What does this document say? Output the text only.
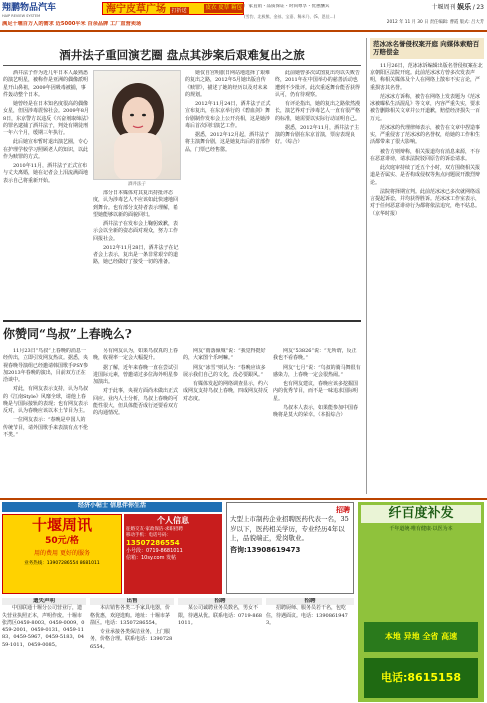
翔鹏物品汽车
HAIP REVIEW SYSTEM
海宁皮草广场 打折送	皮衣 皮草 箱包
满足十堰百万人的需求 近5000平米 百余品牌 工厂直营卖场
厂家直销・品质保证・时尚尊享・优惠酬宾
(雪豹、北极熊、金丝、宝嘉、稀米乃、(S、恩佳…)
十堰周刊 娱乐 / 23
2012 年 11 月 30 日 责任编辑: 曹霞 版式: 吕大芳
酒井法子重回演艺圈 盘点其涉案后艰难复出之旅
酒井法子作为近几年日本人最熟悉的演艺明星，被称作是亚洲的偶像派明星开山鼻祖，2009年因吸毒被捕，事件轰动整个日本。
她曾经是在日本知名度很高的偶像女星，但因涉毒震惊社会。2009年8月8日，东京警方以违反《兴奋剂取缔法》的罪名逮捕了酒井法子，判处有期徒刑一年六个月，缓期三年执行。
此后她宣布暂时退出演艺圈，专心在护理学校学习照顾老人的知识，以此作为赎罪的方式。
2010年11月，酒井法子正式宣布与丈夫离婚，她在记者会上泪流满面地表示自己将重新开始。
酒井法子
她仅自宫明旅日网站地选择了艰难的复出之路，2012年5月她出版自传《赎罪》，描述了她的经历以及对未来的规划。
2012年11月24日，酒井法子正式宣布复出，在东京举行的《碧血剑》舞台剧制作发布会上公开亮相，这是她涉毒后首次回归演艺工作。
据悉，2012年12月起，酒井法子将主演舞台剧，这是她复出后的首部作品，门票已经售罄。
部分日本媒体对其复出持批评态度，认为涉毒艺人不应该如此快速地回到舞台。也有部分支持者表示理解，希望她能够以新的面貌回归。
酒井法子在发布会上鞠躬致歉，表示会以全新的姿态面对观众，努力工作回报社会。
2012年11月28日，酒井法子在记者会上表示，复出是一条非常艰辛的道路，她已经做好了接受一切的准备。
此前她曾多次试图复出均以失败告终，2011年在中国举办的慈善活动也遭到不少批评。此次重返舞台能否获得认可，仍有待观察。
有评论指出，她的复出之路依然漫长，演艺界对于涉毒艺人一直有很严格的标准，她需要以实际行动证明自己。
据悉，2012年11月，酒井法子主演的舞台剧在东京首演，票房表现良好。（综合）
范冰冰名誉侵权案开庭 向媒体索赔百万赔偿金
11月26日，范冰冰诉编辑出版名誉侵权案在北京朝阳区法院开庭。此前范冰冰方曾多次发表声明，称相关媒体及个人在网络上散布不实言论，严重损害其名誉。
范冰冰方诉称，被告在网络上发表题为《范冰冰被曝私生活混乱》等文章，内容严重失实，要求被告删除相关文章并公开道歉，赔偿经济损失一百万元。
范冰冰的代理律师表示，被告在文章中捏造事实，严重侵害了范冰冰的名誉权，给她的工作和生活都带来了很大影响。
被告方则辩称，相关报道均有消息来源，不存在恶意诽谤，请求法院驳回原告的诉讼请求。
此次庭审持续了近五个小时，双方围绕相关报道是否属实、是否构成侵权等焦点问题展开激烈辩论。
法院将择期宣判。此前范冰冰已多次就网络谣言提起诉讼，并均获得胜诉。范冰冰工作室表示，对于任何恶意诽谤行为都将依法追究，绝不姑息。（京华时报）
你赞同“鸟叔”上春晚么?
11月23日“鸟叔”上春晚的消息一经传出，立即引发网友热议。据悉，央视春晚导演组已经邀请韩国歌手PSY参加2013年春晚的演出，目前双方正在洽谈中。
对此，有网友表示支持，认为鸟叔的《江南Style》风靡全球，请他上春晚是与国际接轨的表现；也有网友表示反对，认为春晚应该以本土节目为主。
一位网友表示：“春晚是中国人的传统节目，请外国歌手来表演有点不伦不类。”
另有网友认为，如果鸟叔真的上春晚，收视率一定会大幅提升。
据了解，近年来春晚一直在尝试引进国际元素，曾邀请过多位海外明星参加演出。
对于此事，央视方面尚未做出正式回应。业内人士分析，鸟叔上春晚的可能性很大，但具体能否成行还要看双方的沟通情况。
网友“雨落倾城”说：“我觉得挺好的，大家图个乐呵嘛。”
网友“冰雪”则认为：“春晚应该多展示我们自己的文化，没必要跟风。”
有媒体发起的网络调查显示，约六成网友支持鸟叔上春晚，四成网友持反对态度。
网友“53826”说：“无所谓，反正我也不看春晚。”
网友“七月”说：“鸟叔的骑马舞很有感染力，上春晚一定会很热闹。”
也有网友建议，春晚应该多挖掘国内的优秀节目，而不是一味追求国际明星。
鸟叔本人表示，如果能参加中国春晚将是莫大的荣幸。（本报综合）
经济小帖士 信息伴你生活
十堰周讯
50元/格
用的费用 更好的服务
业务热线：13907286554 8681011
个人信息
征婚交友·家政保洁·求职招聘
移动手机：电话号码：
13507286554
小号段：0719-8681011
信箱：10sy.com 发帖
招聘
大型上市制药企业招聘医药代表一名，35岁以下，医药相关学历，专业经历4年以上，品貌端正，爱岗敬业。
咨询:13908619473
纤百度补发
千年道统·唯有健康·以医为本
本地 异地 全省 高速
电话:8615158
遗失声明
中国联通十堰分公司营业厅，遗失营业执照正本，声明作废。十堰市张湾区0459-8003，0459-0009，0459-2001，0459-0131，0459-1183，0459-5967，0459-5183，0459-1011，0459-0085。
出售
本店销售各类二手家具电器，价格优惠，欢迎选购。地址：十堰市茅箭区。电话：13507286554。
专业承接各类保洁业务，上门服务，价格合理。联系电话：13907286554。
招聘
某公司诚聘业务员数名，男女不限，待遇从优。联系电话：0719-8681011。
招聘
招聘厨师、服务员若干名，包吃住，待遇面议。电话：13908619473。
